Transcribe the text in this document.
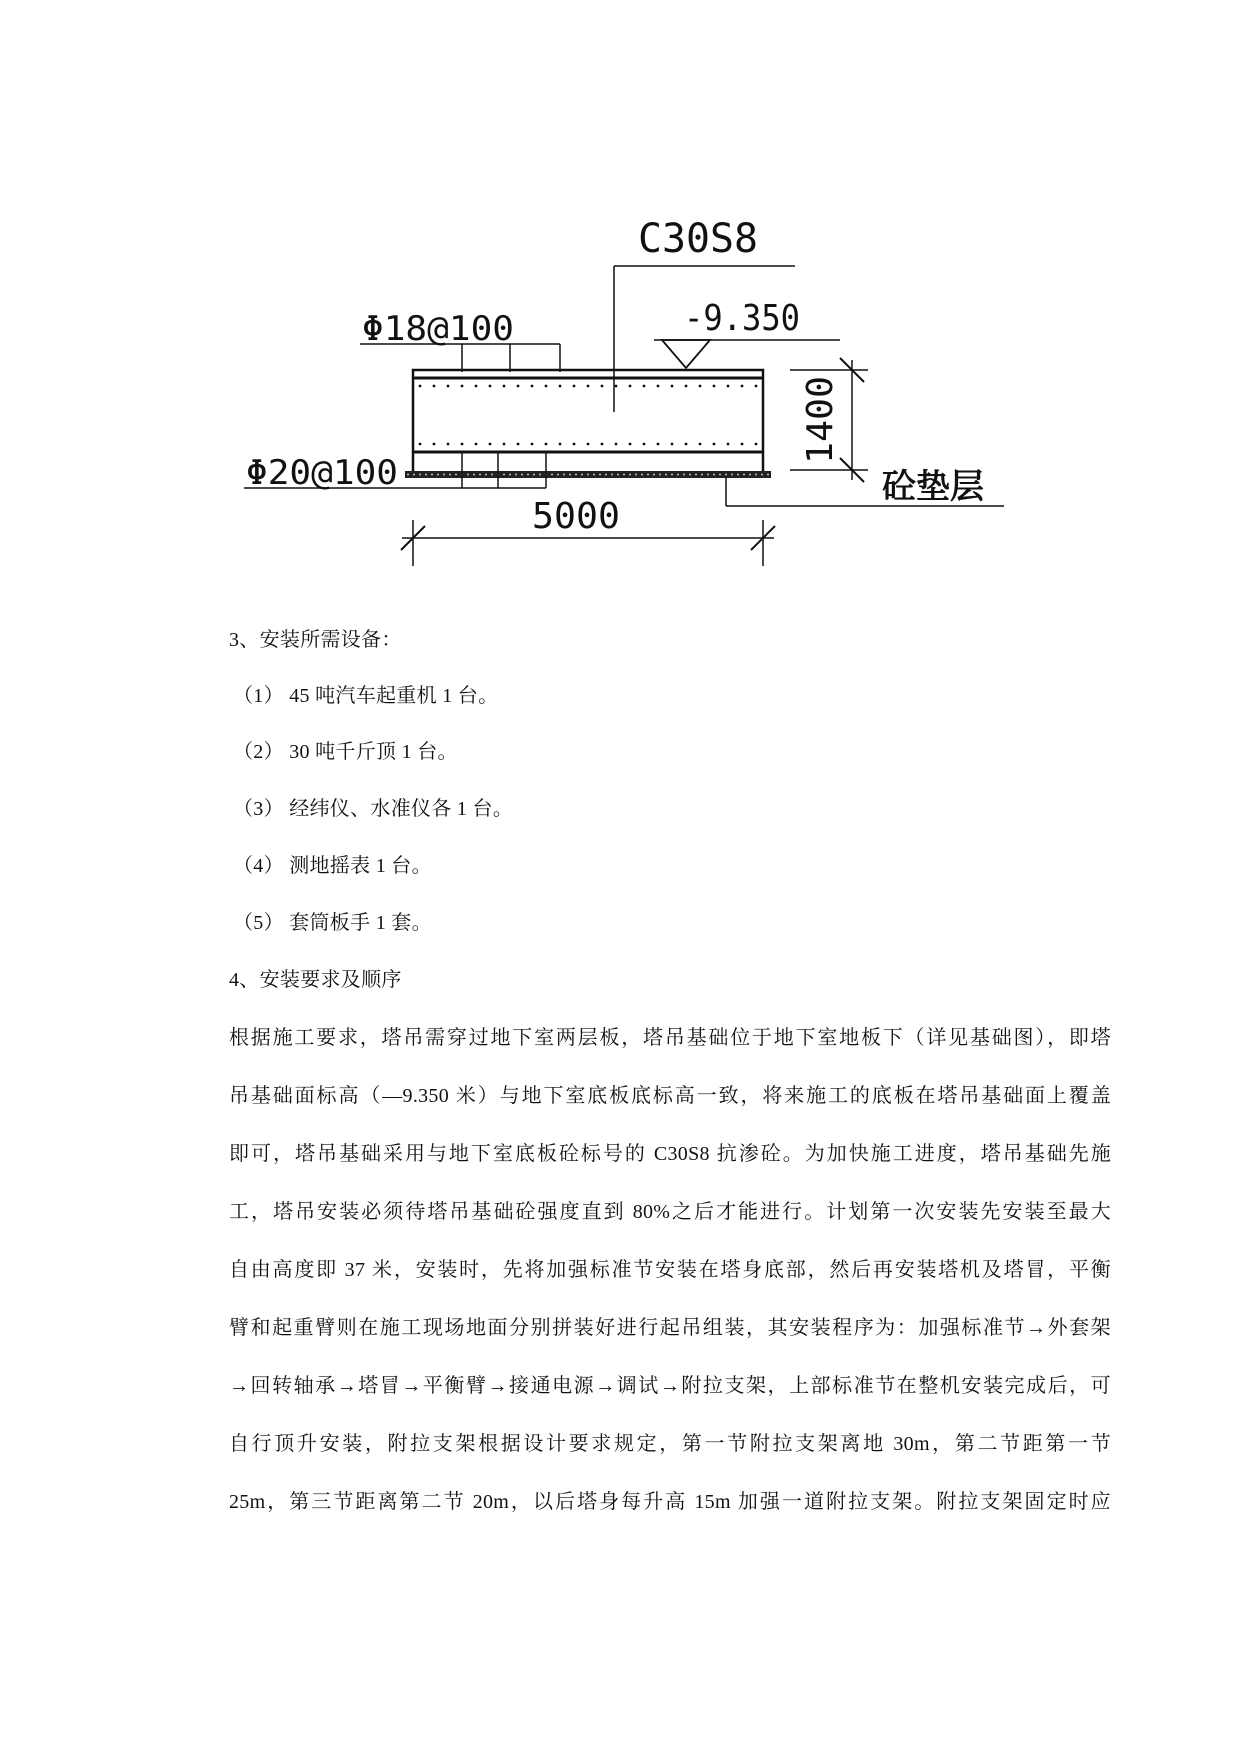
C30S8
-9.350
Φ18@100
Φ20@100
1400
砼垫层
5000
3、安装所需设备：
（1） 45 吨汽车起重机 1 台。
（2） 30 吨千斤顶 1 台。
（3） 经纬仪、水准仪各 1 台。
（4） 测地摇表 1 台。
（5） 套筒板手 1 套。
4、安装要求及顺序
根据施工要求，塔吊需穿过地下室两层板，塔吊基础位于地下室地板下（详见基础图），即塔
吊基础面标高（—9.350 米）与地下室底板底标高一致，将来施工的底板在塔吊基础面上覆盖
即可，塔吊基础采用与地下室底板砼标号的 C30S8 抗渗砼。为加快施工进度，塔吊基础先施
工，塔吊安装必须待塔吊基础砼强度直到 80%之后才能进行。计划第一次安装先安装至最大
自由高度即 37 米，安装时，先将加强标准节安装在塔身底部，然后再安装塔机及塔冒，平衡
臂和起重臂则在施工现场地面分别拼装好进行起吊组装，其安装程序为：加强标准节→外套架
→回转轴承→塔冒→平衡臂→接通电源→调试→附拉支架，上部标准节在整机安装完成后，可
自行顶升安装，附拉支架根据设计要求规定，第一节附拉支架离地 30m，第二节距第一节
25m，第三节距离第二节 20m，以后塔身每升高 15m 加强一道附拉支架。附拉支架固定时应
